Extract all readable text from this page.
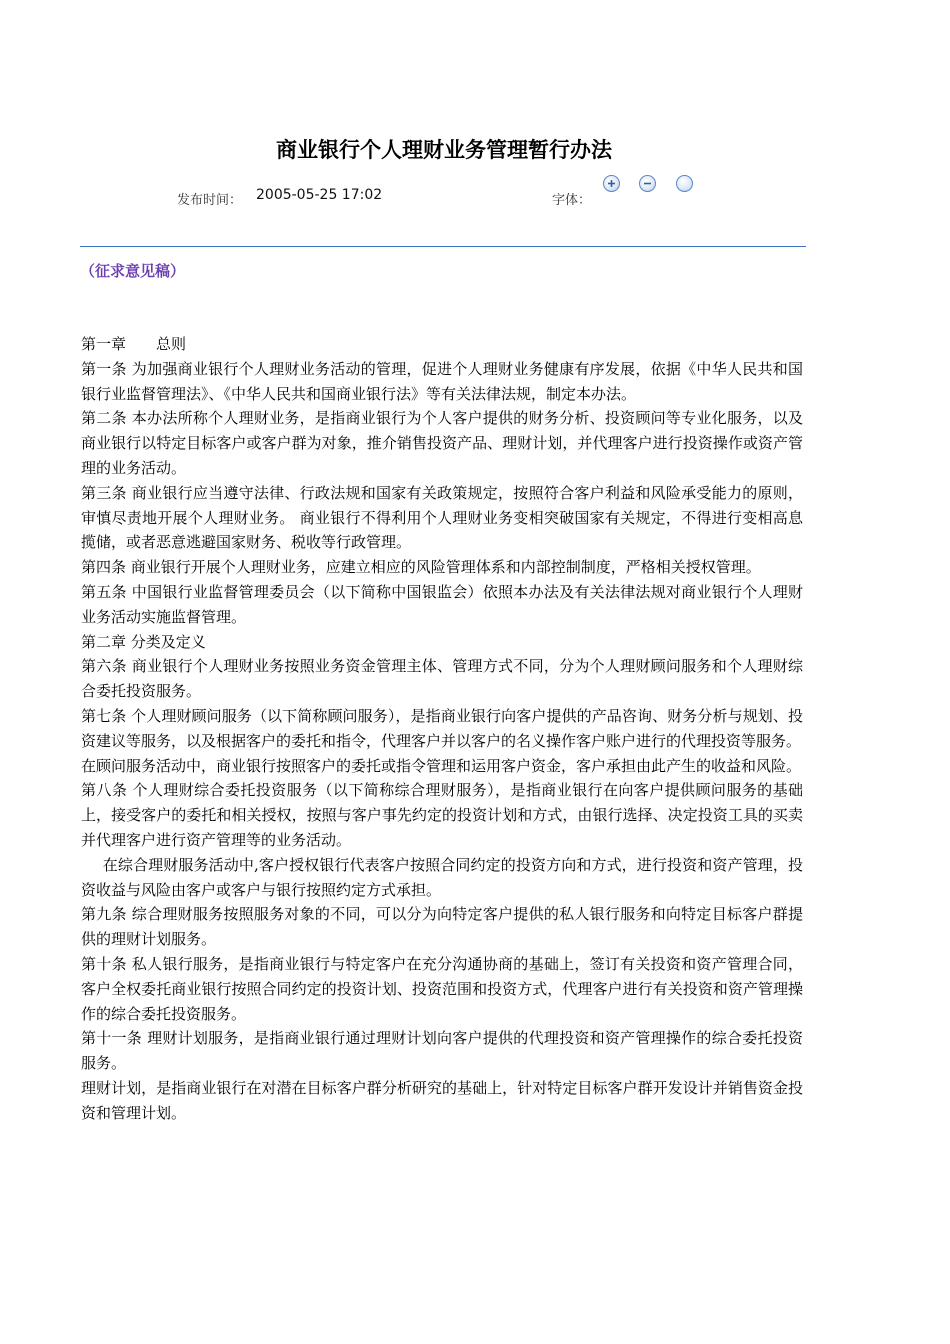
商业银行个人理财业务管理暂行办法
发布时间： 2005-05-25 17:02	字体：
（征求意见稿）

第一章　　总则

第一条 为加强商业银行个人理财业务活动的管理，促进个人理财业务健康有序发展，依据《中华人民共和国银行业监督管理法》、《中华人民共和国商业银行法》等有关法律法规，制定本办法。

第二条 本办法所称个人理财业务，是指商业银行为个人客户提供的财务分析、投资顾问等专业化服务，以及商业银行以特定目标客户或客户群为对象，推介销售投资产品、理财计划，并代理客户进行投资操作或资产管理的业务活动。

第三条 商业银行应当遵守法律、行政法规和国家有关政策规定，按照符合客户利益和风险承受能力的原则，审慎尽责地开展个人理财业务。 商业银行不得利用个人理财业务变相突破国家有关规定，不得进行变相高息揽储，或者恶意逃避国家财务、税收等行政管理。

第四条 商业银行开展个人理财业务，应建立相应的风险管理体系和内部控制制度，严格相关授权管理。

第五条 中国银行业监督管理委员会（以下简称中国银监会）依照本办法及有关法律法规对商业银行个人理财业务活动实施监督管理。

第二章 分类及定义

第六条 商业银行个人理财业务按照业务资金管理主体、管理方式不同，分为个人理财顾问服务和个人理财综合委托投资服务。

第七条 个人理财顾问服务（以下简称顾问服务），是指商业银行向客户提供的产品咨询、财务分析与规划、投资建议等服务，以及根据客户的委托和指令，代理客户并以客户的名义操作客户账户进行的代理投资等服务。

在顾问服务活动中，商业银行按照客户的委托或指令管理和运用客户资金，客户承担由此产生的收益和风险。

第八条 个人理财综合委托投资服务（以下简称综合理财服务），是指商业银行在向客户提供顾问服务的基础上，接受客户的委托和相关授权，按照与客户事先约定的投资计划和方式，由银行选择、决定投资工具的买卖并代理客户进行资产管理等的业务活动。

在综合理财服务活动中,客户授权银行代表客户按照合同约定的投资方向和方式，进行投资和资产管理，投资收益与风险由客户或客户与银行按照约定方式承担。

第九条 综合理财服务按照服务对象的不同，可以分为向特定客户提供的私人银行服务和向特定目标客户群提供的理财计划服务。

第十条 私人银行服务，是指商业银行与特定客户在充分沟通协商的基础上，签订有关投资和资产管理合同，客户全权委托商业银行按照合同约定的投资计划、投资范围和投资方式，代理客户进行有关投资和资产管理操作的综合委托投资服务。

第十一条 理财计划服务，是指商业银行通过理财计划向客户提供的代理投资和资产管理操作的综合委托投资服务。

理财计划，是指商业银行在对潜在目标客户群分析研究的基础上，针对特定目标客户群开发设计并销售资金投资和管理计划。
